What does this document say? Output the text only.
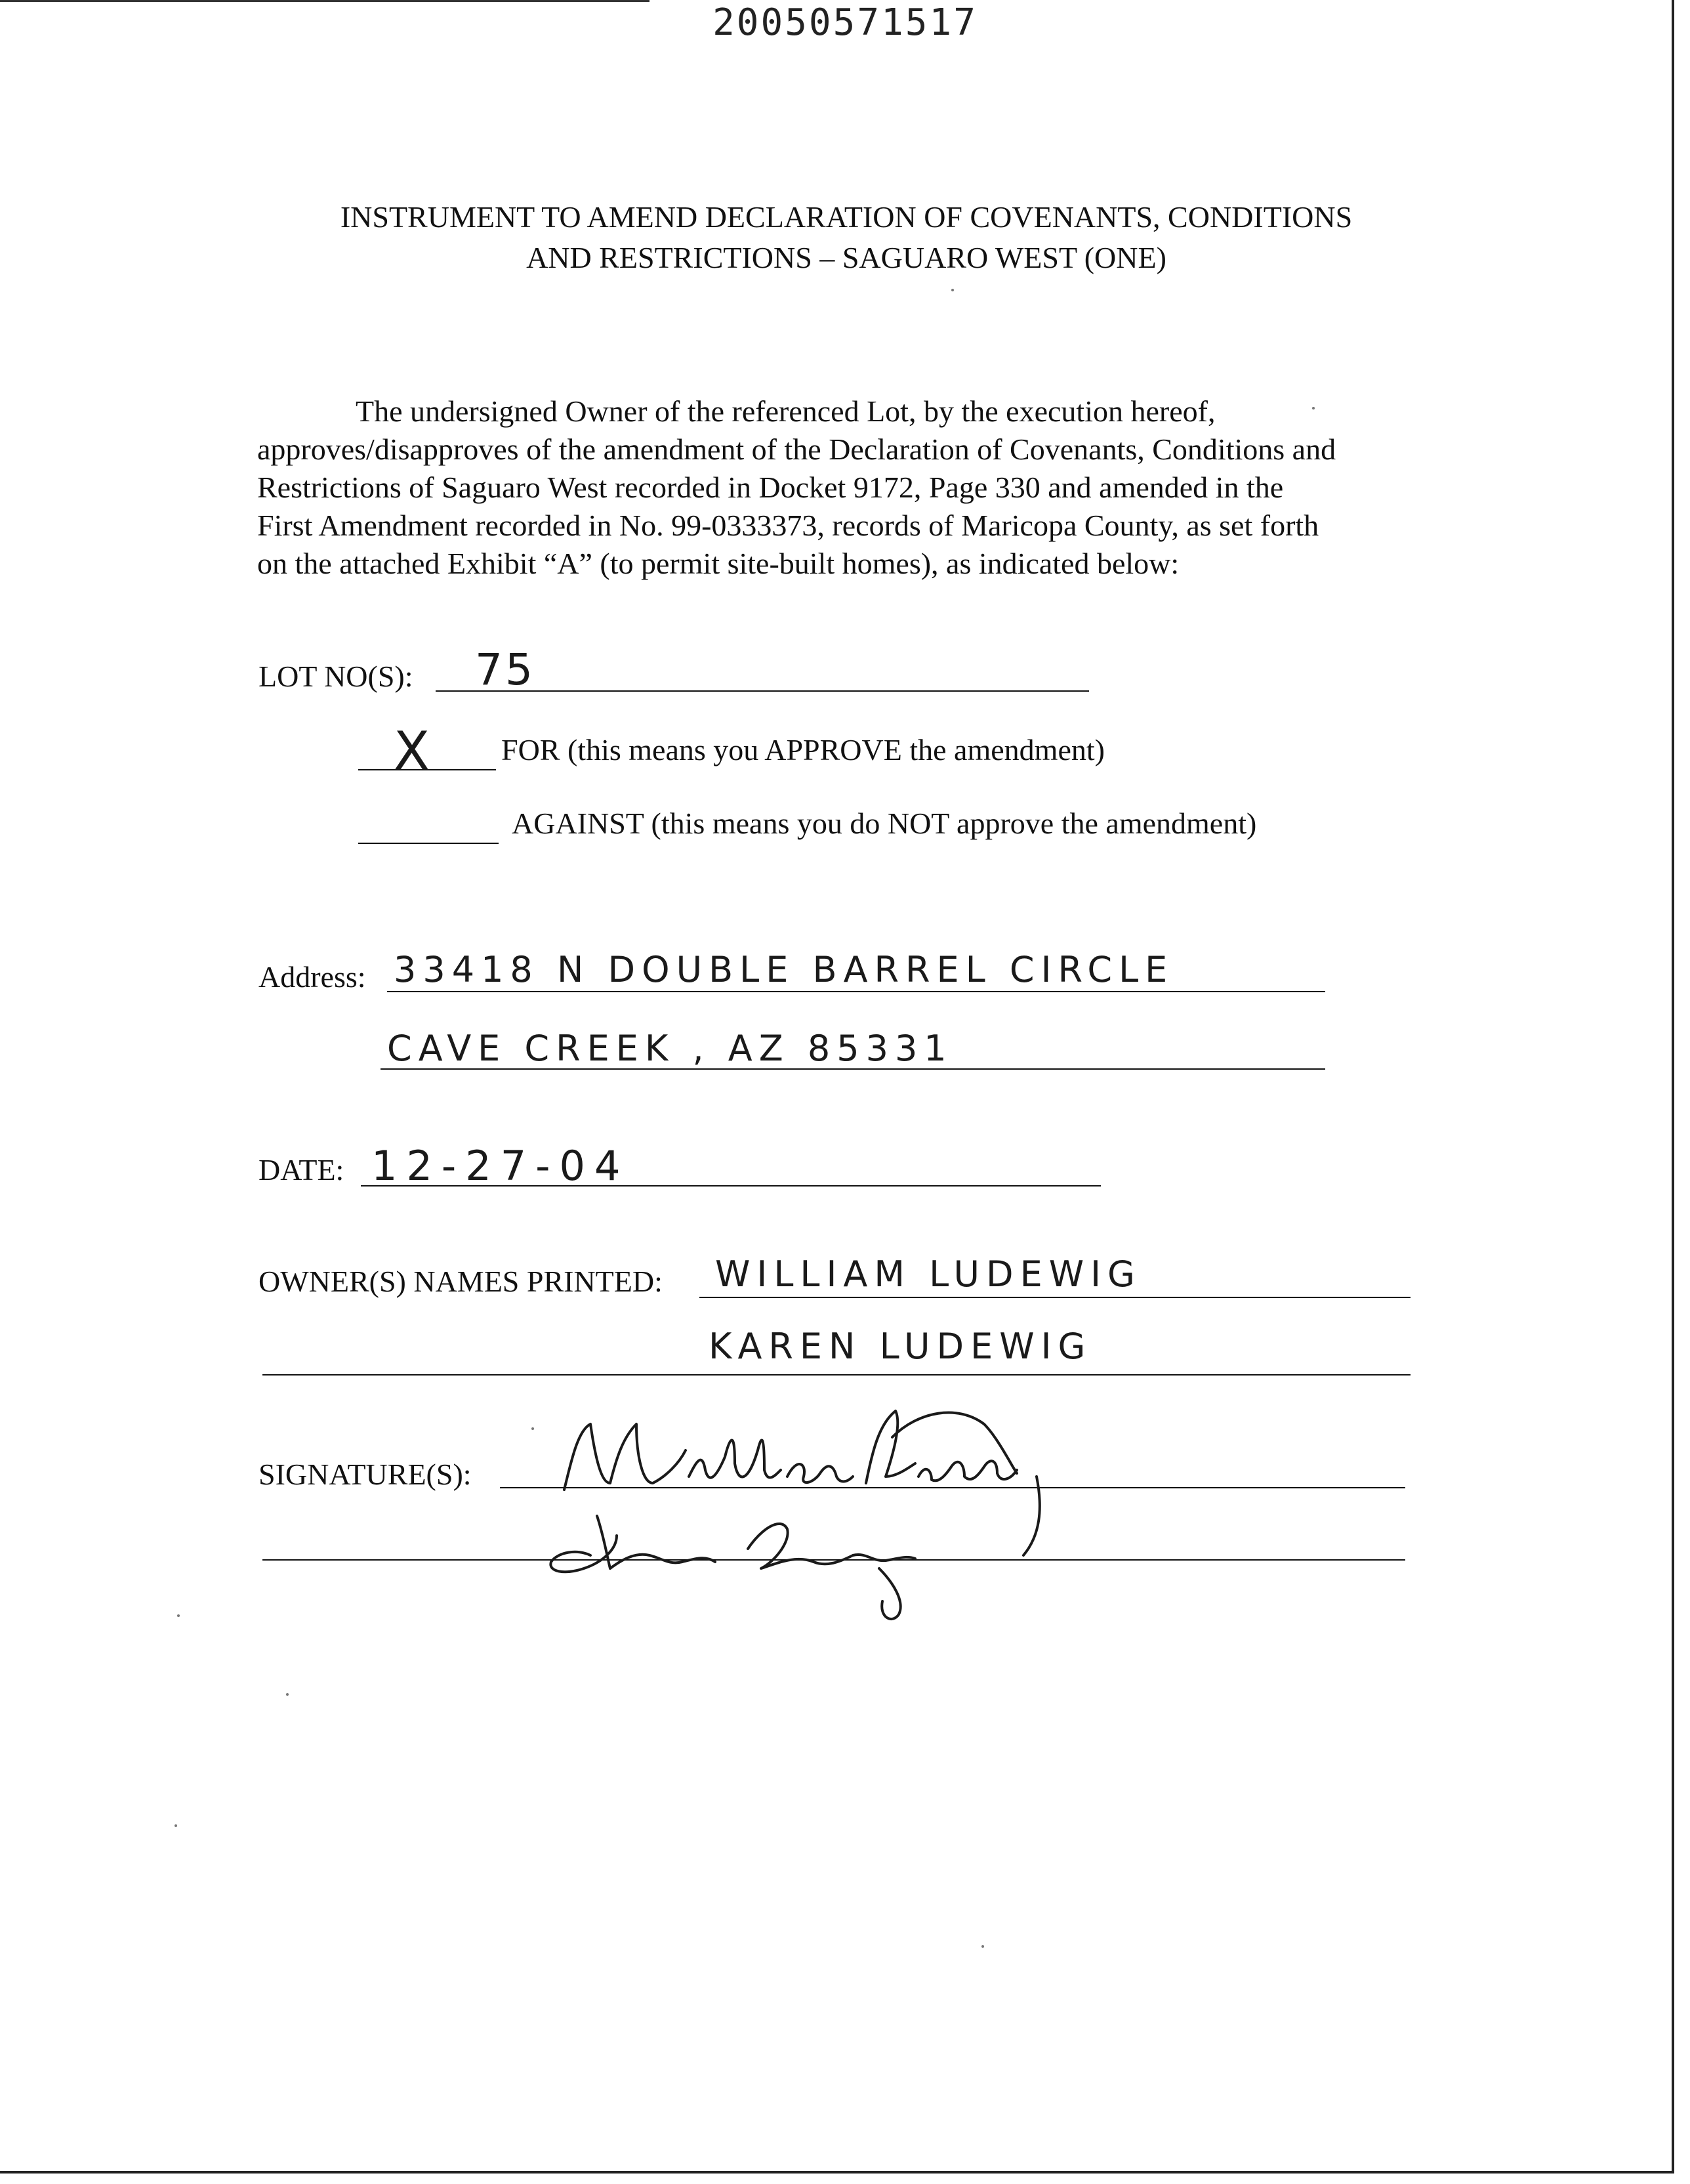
20050571517
INSTRUMENT TO AMEND DECLARATION OF COVENANTS, CONDITIONS
AND RESTRICTIONS – SAGUARO WEST (ONE)
The undersigned Owner of the referenced Lot, by the execution hereof,
approves/disapproves of the amendment of the Declaration of Covenants, Conditions and
Restrictions of Saguaro West recorded in Docket 9172, Page 330 and amended in the
First Amendment recorded in No. 99-0333373, records of Maricopa County, as set forth
on the attached Exhibit “A” (to permit site-built homes), as indicated below:
LOT NO(S): 75
X FOR (this means you APPROVE the amendment)
AGAINST (this means you do NOT approve the amendment)
Address: 33418 N DOUBLE BARREL CIRCLE
CAVE CREEK , AZ 85331
DATE: 12-27-04
OWNER(S) NAMES PRINTED: WILLIAM LUDEWIG
KAREN LUDEWIG
SIGNATURE(S):
